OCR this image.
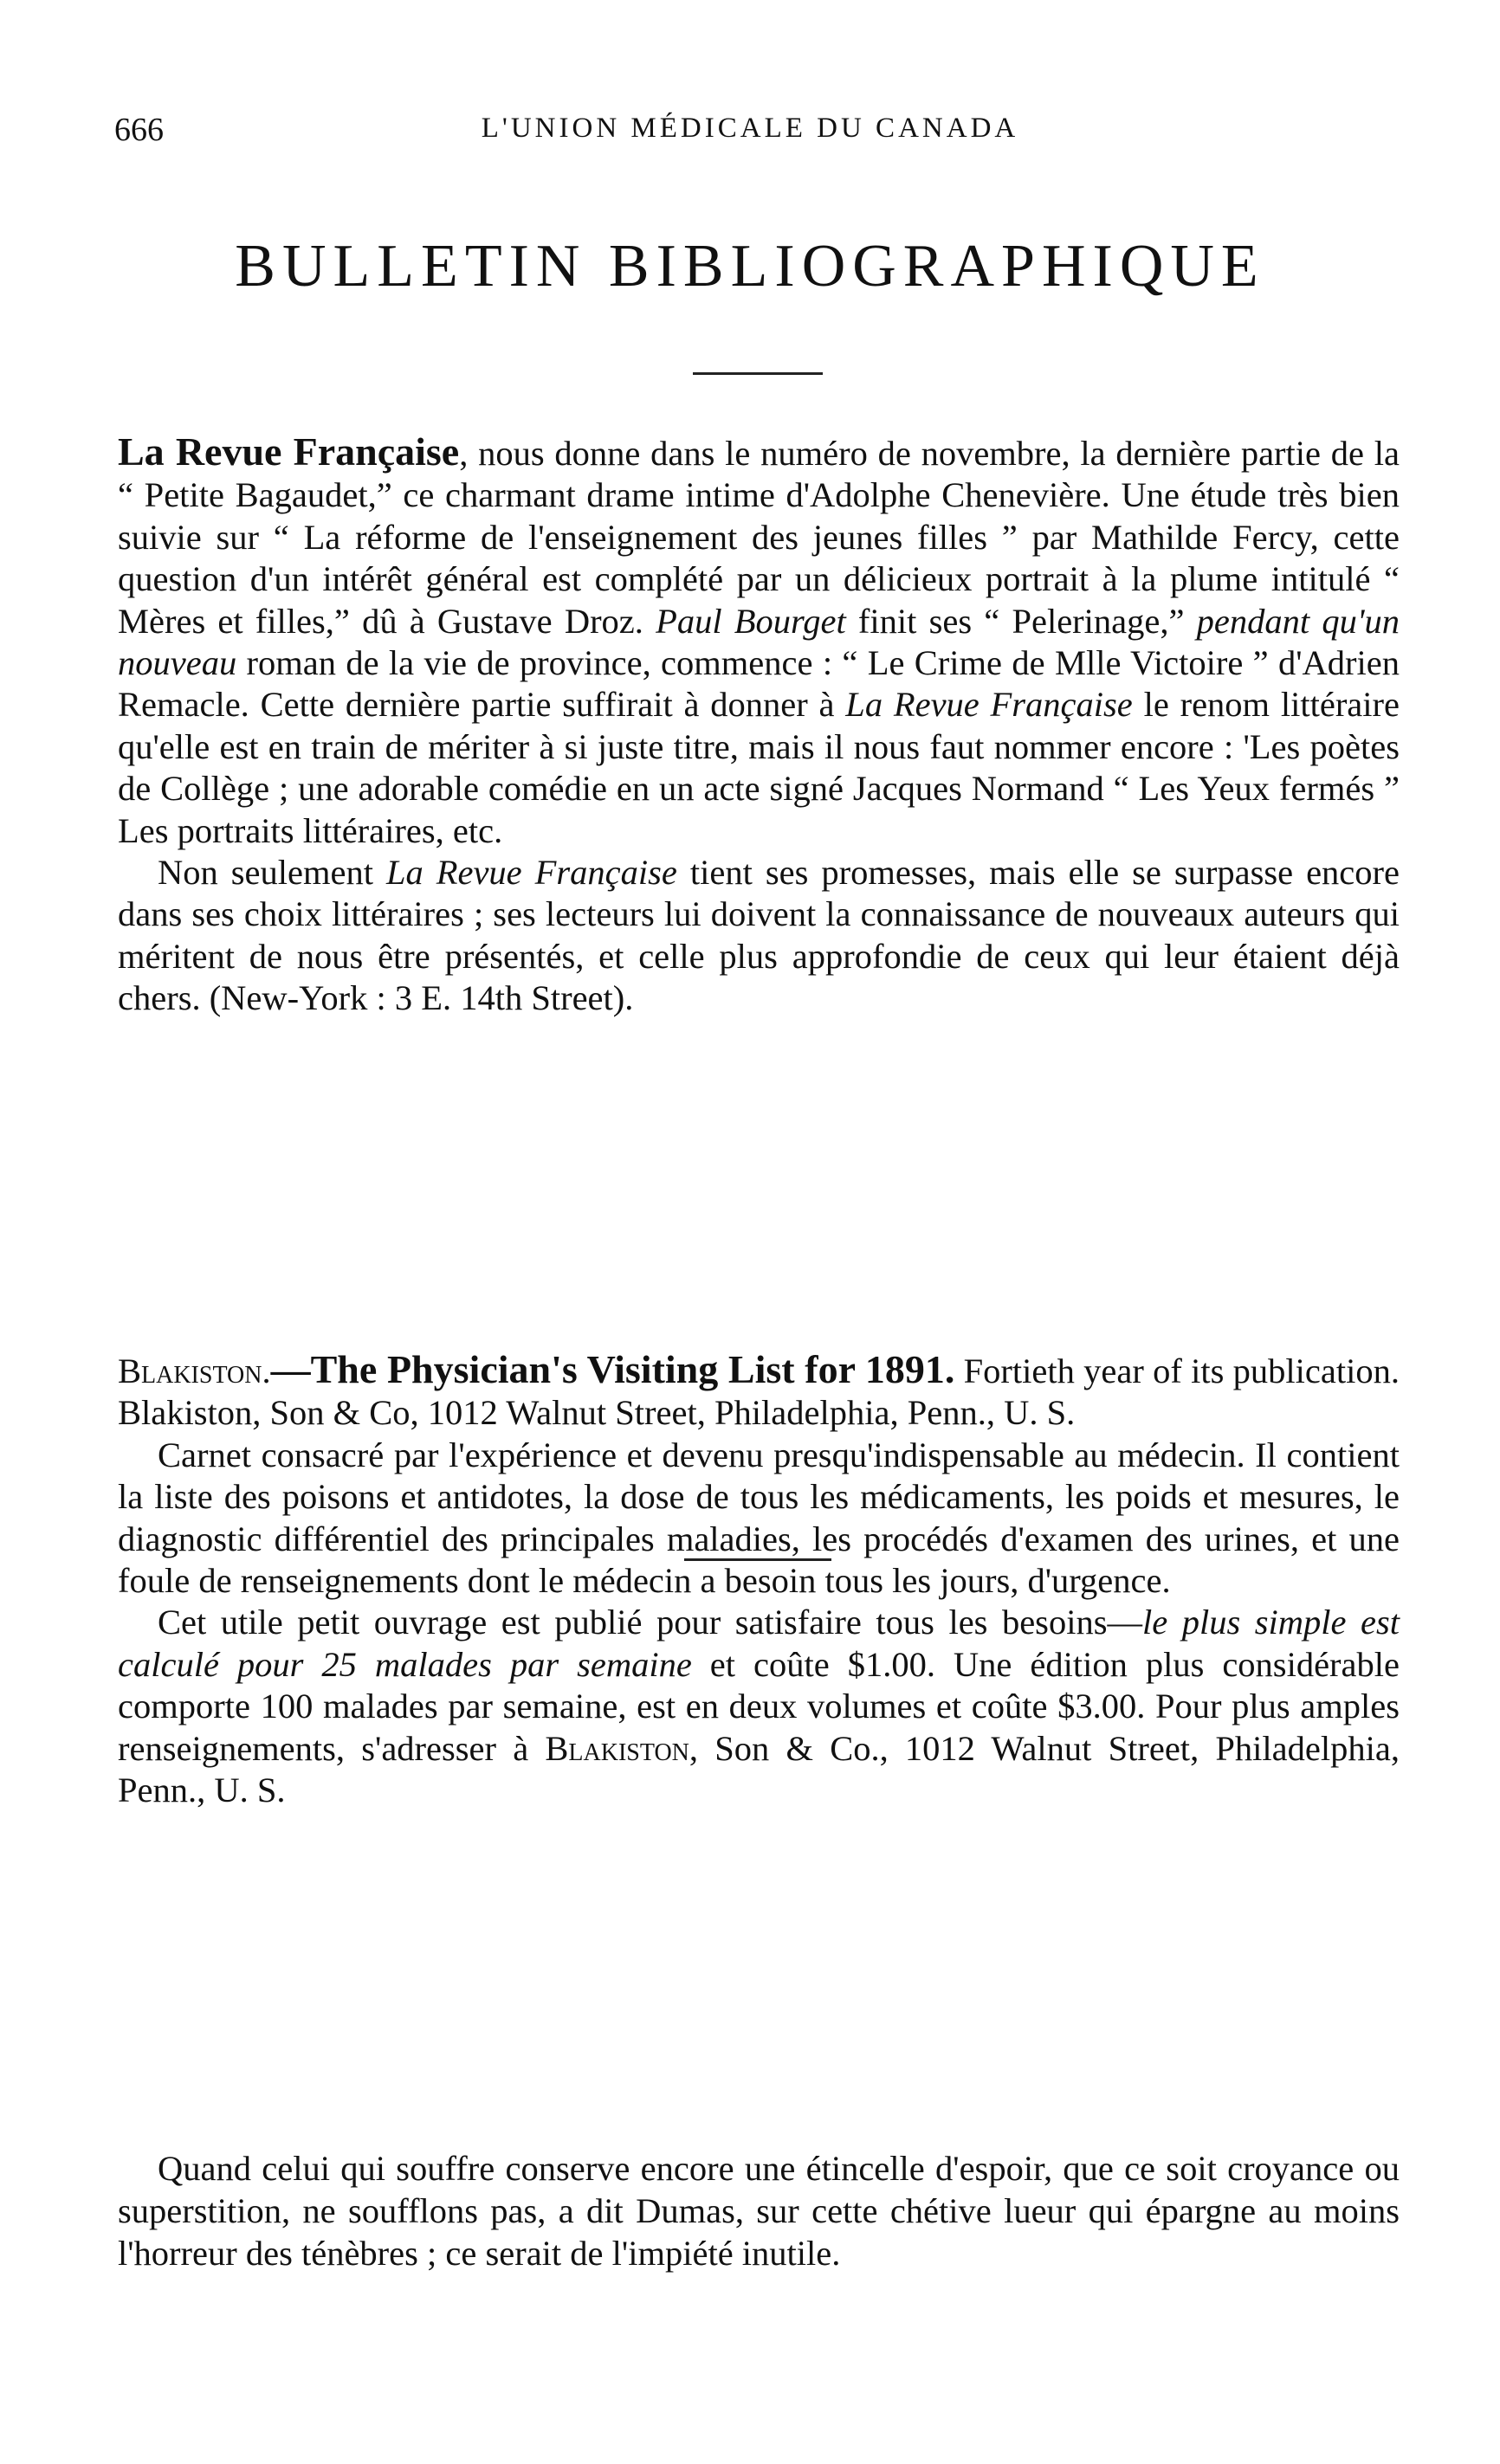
666	L'UNION MÉDICALE DU CANADA
BULLETIN BIBLIOGRAPHIQUE

La Revue Française, nous donne dans le numéro de novembre, la dernière partie de la “ Petite Bagaudet,” ce charmant drame intime d'Adolphe Chenevière. Une étude très bien suivie sur “ La réforme de l'enseignement des jeunes filles ” par Mathilde Fercy, cette question d'un intérêt général est complété par un délicieux portrait à la plume intitulé “ Mères et filles,” dû à Gustave Droz. Paul Bourget finit ses “ Pelerinage,” pendant qu'un nouveau roman de la vie de province, commence : “ Le Crime de Mlle Victoire ” d'Adrien Remacle. Cette dernière partie suffirait à donner à La Revue Française le renom littéraire qu'elle est en train de mériter à si juste titre, mais il nous faut nommer encore : 'Les poètes de Collège ; une adorable comédie en un acte signé Jacques Normand “ Les Yeux fermés ” Les portraits littéraires, etc.

Non seulement La Revue Française tient ses promesses, mais elle se surpasse encore dans ses choix littéraires ; ses lecteurs lui doivent la connaissance de nouveaux auteurs qui méritent de nous être présentés, et celle plus approfondie de ceux qui leur étaient déjà chers. (New-York : 3 E. 14th Street).

Blakiston.—The Physician's Visiting List for 1891. Fortieth year of its publication. Blakiston, Son & Co, 1012 Walnut Street, Philadelphia, Penn., U. S.

Carnet consacré par l'expérience et devenu presqu'indispensable au médecin. Il contient la liste des poisons et antidotes, la dose de tous les médicaments, les poids et mesures, le diagnostic différentiel des principales maladies, les procédés d'examen des urines, et une foule de renseignements dont le médecin a besoin tous les jours, d'urgence.

Cet utile petit ouvrage est publié pour satisfaire tous les besoins—le plus simple est calculé pour 25 malades par semaine et coûte $1.00. Une édition plus considérable comporte 100 malades par semaine, est en deux volumes et coûte $3.00. Pour plus amples renseignements, s'adresser à Blakiston, Son & Co., 1012 Walnut Street, Philadelphia, Penn., U. S.

Quand celui qui souffre conserve encore une étincelle d'espoir, que ce soit croyance ou superstition, ne soufflons pas, a dit Dumas, sur cette chétive lueur qui épargne au moins l'horreur des ténèbres ; ce serait de l'impiété inutile.
